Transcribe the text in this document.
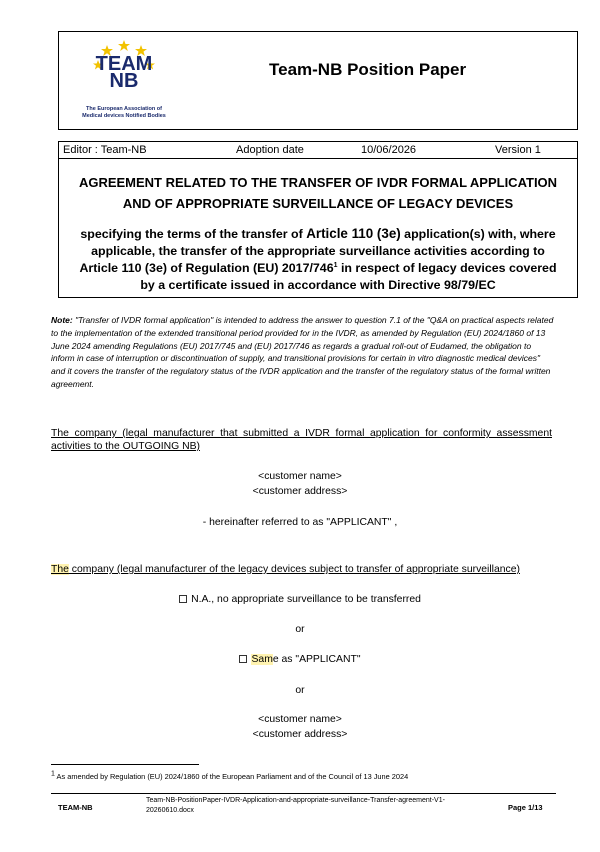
TEAM
NB
The European Association of
Medical devices Notified Bodies
Team-NB Position Paper
Editor : Team-NB	Adoption date	10/06/2026	Version 1
AGREEMENT RELATED TO THE TRANSFER OF IVDR FORMAL APPLICATION
AND OF APPROPRIATE SURVEILLANCE OF LEGACY DEVICES
specifying the terms of the transfer of Article 110 (3e) application(s) with, where applicable, the transfer of the appropriate surveillance activities according to Article 110 (3e) of Regulation (EU) $2017/746^1$ in respect of legacy devices covered by a certificate issued in accordance with Directive 98/79/EC
Note: "Transfer of IVDR formal application" is intended to address the answer to question 7.1 of the "Q&A on practical aspects related to the implementation of the extended transitional period provided for in the IVDR, as amended by Regulation (EU) 2024/1860 of 13 June 2024 amending Regulations (EU) 2017/745 and (EU) 2017/746 as regards a gradual roll-out of Eudamed, the obligation to inform in case of interruption or discontinuation of supply, and transitional provisions for certain in vitro diagnostic medical devices" and it covers the transfer of the regulatory status of the IVDR application and the transfer of the regulatory status of the formal written agreement.
The company (legal manufacturer that submitted a IVDR formal application for conformity assessment activities to the OUTGOING NB)
<customer name>
<customer address>
- hereinafter referred to as "APPLICANT" ,
The company (legal manufacturer of the legacy devices subject to transfer of appropriate surveillance)
N.A., no appropriate surveillance to be transferred
or
Same as "APPLICANT"
or
<customer name>
<customer address>
$^1$ As amended by Regulation (EU) 2024/1860 of the European Parliament and of the Council of 13 June 2024
TEAM-NB
Team-NB-PositionPaper-IVDR-Application-and-appropriate-surveillance-Transfer-agreement-V1-20260610.docx	Page 1/13
